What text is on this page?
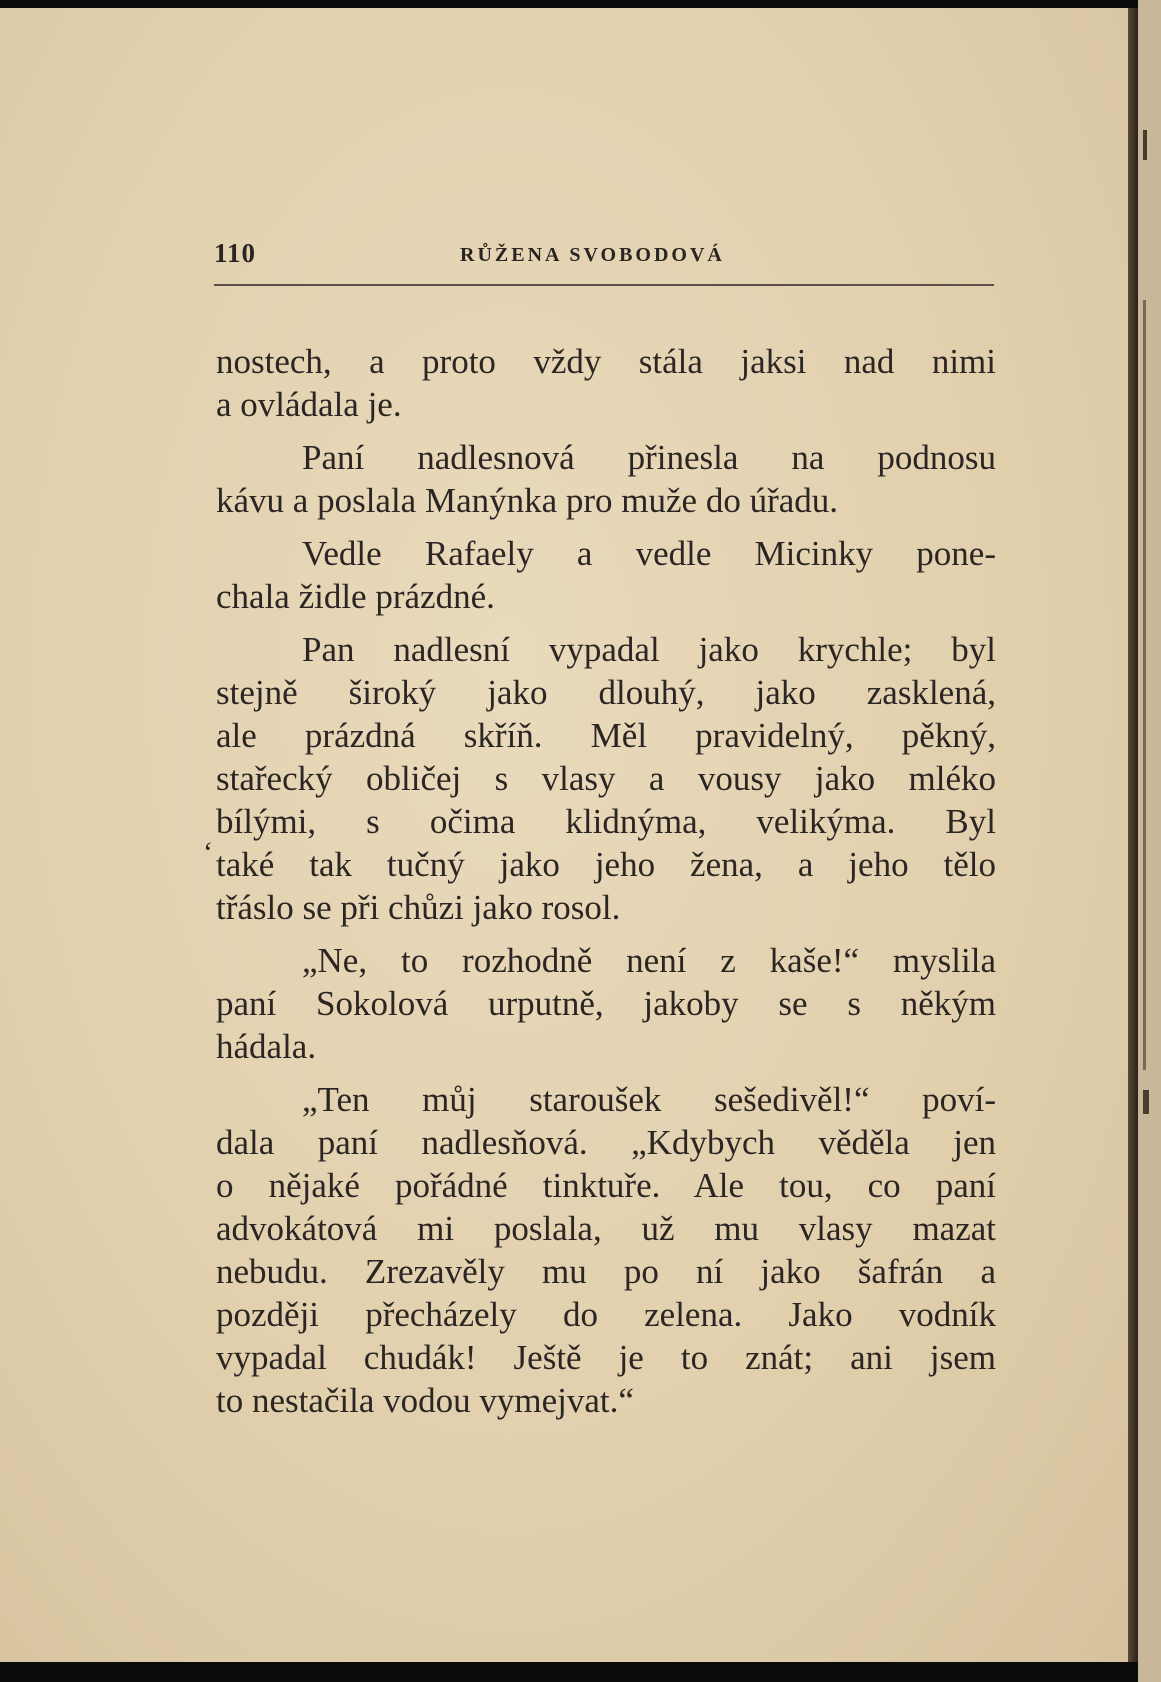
110	RŮŽENA SVOBODOVÁ
‘
nostech, a proto vždy stála jaksi nad nimi
a ovládala je.
Paní nadlesnová přinesla na podnosu
kávu a poslala Manýnka pro muže do úřadu.
Vedle Rafaely a vedle Micinky pone-
chala židle prázdné.
Pan nadlesní vypadal jako krychle; byl
stejně široký jako dlouhý, jako zasklená,
ale prázdná skříň. Měl pravidelný, pěkný,
stařecký obličej s vlasy a vousy jako mléko
bílými, s očima klidnýma, velikýma. Byl
také tak tučný jako jeho žena, a jeho tělo
třáslo se při chůzi jako rosol.
„Ne, to rozhodně není z kaše!“ myslila
paní Sokolová urputně, jakoby se s někým
hádala.
„Ten můj staroušek sešedivěl!“ poví-
dala paní nadlesňová. „Kdybych věděla jen
o nějaké pořádné tinktuře. Ale tou, co paní
advokátová mi poslala, už mu vlasy mazat
nebudu. Zrezavěly mu po ní jako šafrán a
později přecházely do zelena. Jako vodník
vypadal chudák! Ještě je to znát; ani jsem
to nestačila vodou vymejvat.“
